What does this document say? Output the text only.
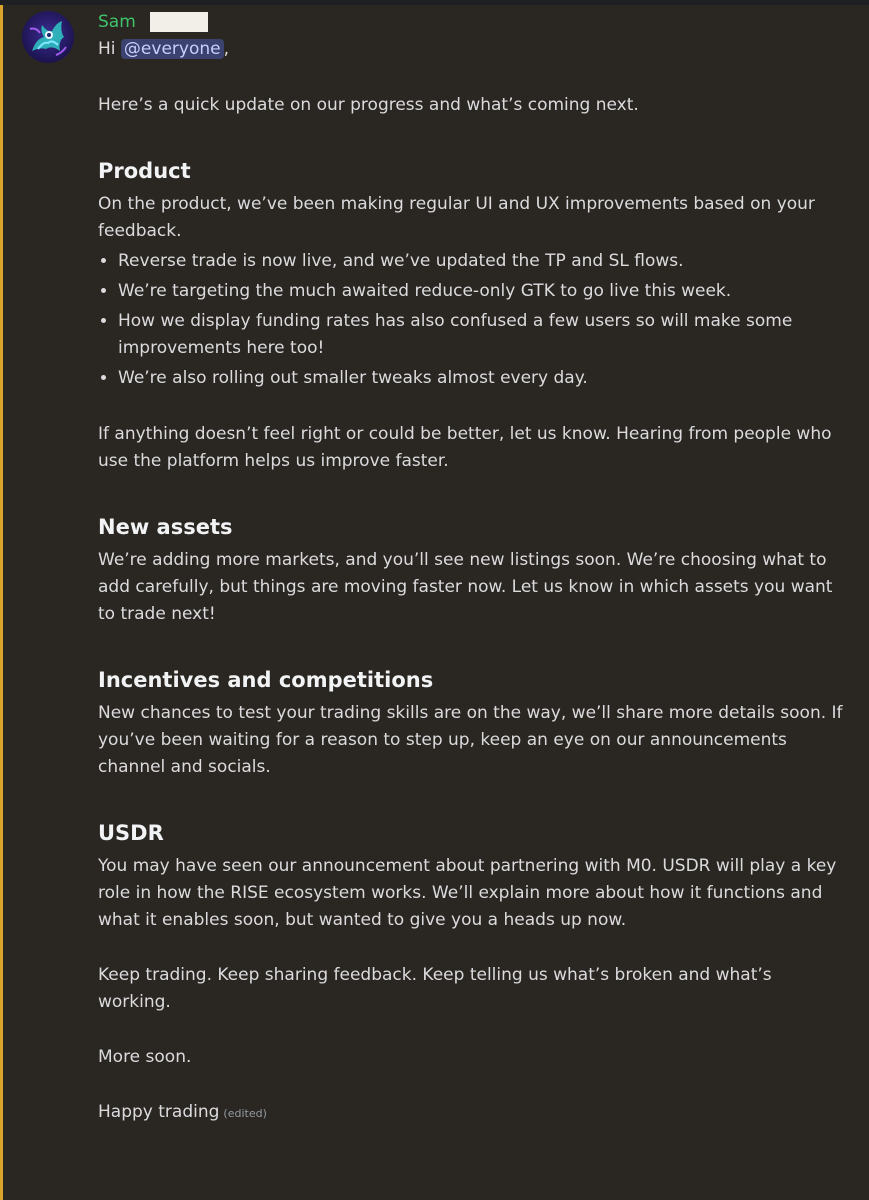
Sam

Hi @everyone ,

Here’s a quick update on our progress and what’s coming next.

Product

On the product, we’ve been making regular UI and UX improvements based on your feedback.

• Reverse trade is now live, and we’ve updated the TP and SL flows.
• We’re targeting the much awaited reduce-only GTK to go live this week.
• How we display funding rates has also confused a few users so will make some improvements here too!
• We’re also rolling out smaller tweaks almost every day.

If anything doesn’t feel right or could be better, let us know. Hearing from people who use the platform helps us improve faster.

New assets

We’re adding more markets, and you’ll see new listings soon. We’re choosing what to add carefully, but things are moving faster now. Let us know in which assets you want to trade next!

Incentives and competitions

New chances to test your trading skills are on the way, we’ll share more details soon. If you’ve been waiting for a reason to step up, keep an eye on our announcements channel and socials.

USDR

You may have seen our announcement about partnering with M0. USDR will play a key role in how the RISE ecosystem works. We’ll explain more about how it functions and what it enables soon, but wanted to give you a heads up now.

Keep trading. Keep sharing feedback. Keep telling us what’s broken and what’s working.

More soon.

Happy trading (edited)
